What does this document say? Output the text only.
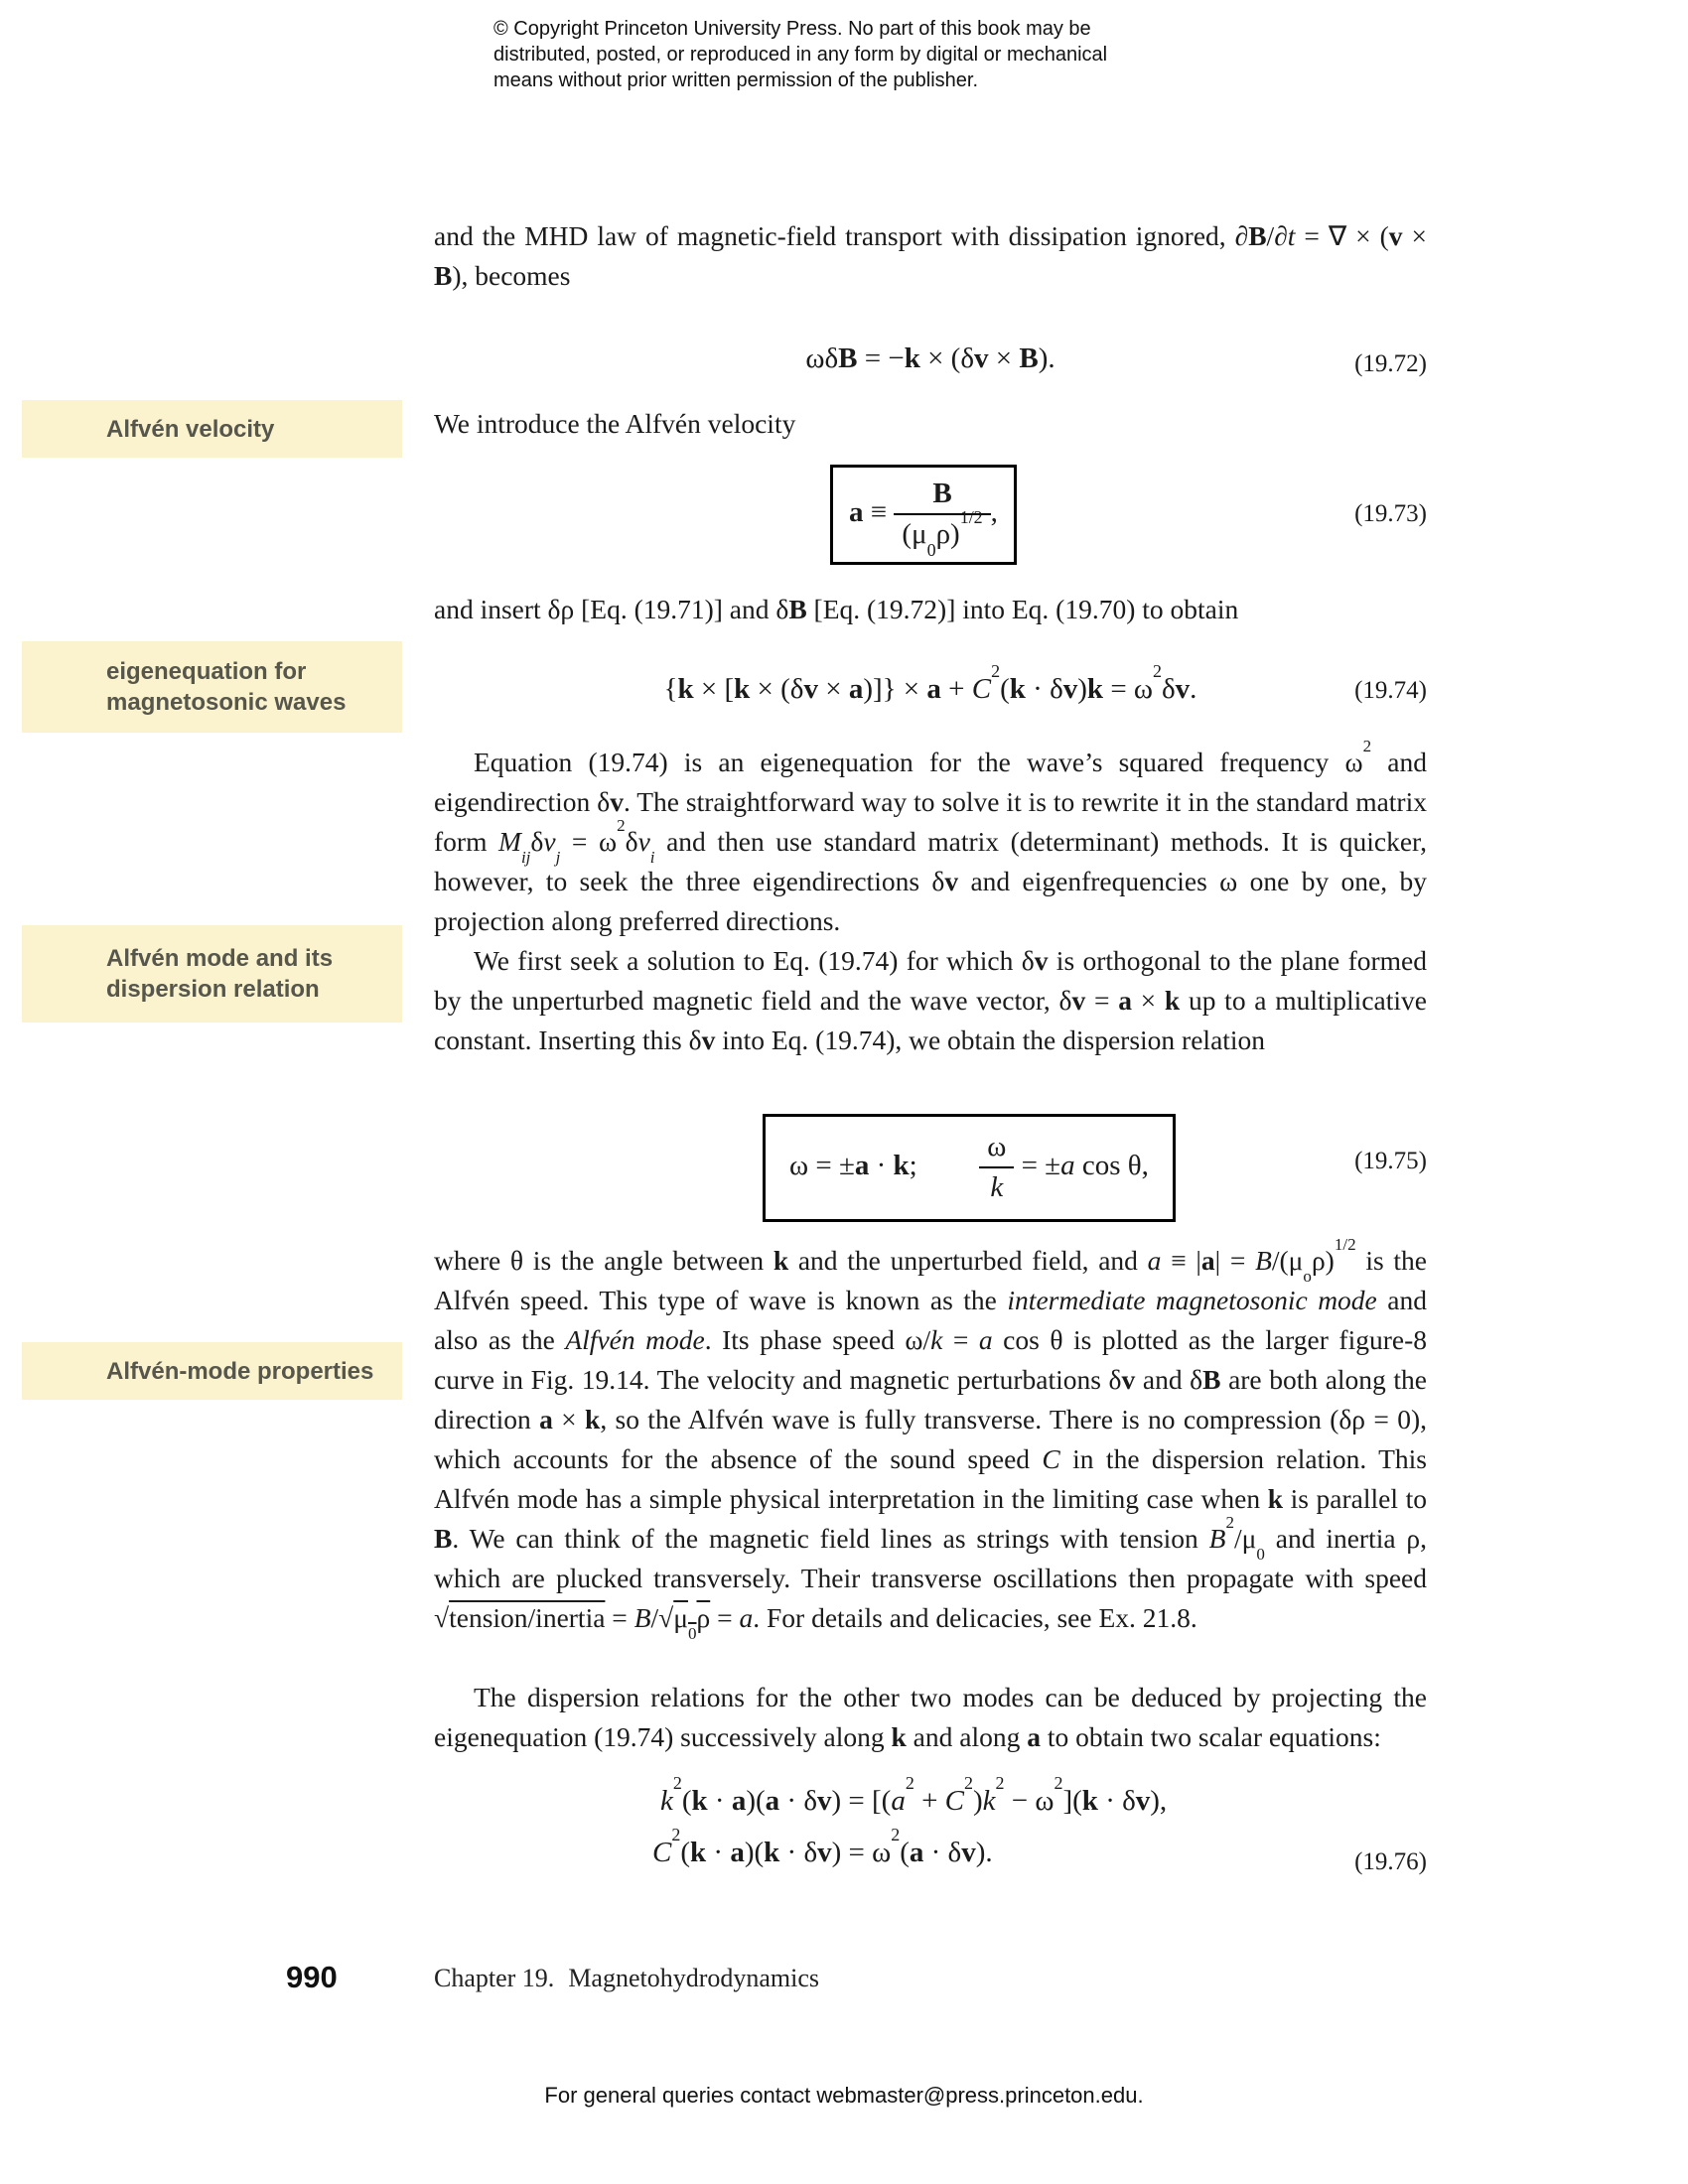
© Copyright Princeton University Press. No part of this book may be
distributed, posted, or reproduced in any form by digital or mechanical
means without prior written permission of the publisher.
Alfvén velocity
eigenequation for
magnetosonic waves
Alfvén mode and its
dispersion relation
Alfvén-mode properties
and the MHD law of magnetic-field transport with dissipation ignored, ∂B/∂t = ∇ × (v × B), becomes
ωδB = −k × (δv × B).	(19.72)
We introduce the Alfvén velocity
$a \equiv \frac{B}{(\mu_0\rho)^{1/2}}$ ,	(19.73)
and insert δρ [Eq. (19.71)] and δB [Eq. (19.72)] into Eq. (19.70) to obtain
$\{k \times [k \times (\delta v \times a)]\} \times a + C^2(k \cdot \delta v)k = \omega^2\delta v$.	(19.74)
Equation (19.74) is an eigenequation for the wave’s squared frequency $\omega^2$ and eigendirection δv. The straightforward way to solve it is to rewrite it in the standard matrix form $M_{ij}\delta v_j = \omega^2\delta v_i$ and then use standard matrix (determinant) methods. It is quicker, however, to seek the three eigendirections δv and eigenfrequencies ω one by one, by projection along preferred directions.
We first seek a solution to Eq. (19.74) for which δv is orthogonal to the plane formed by the unperturbed magnetic field and the wave vector, δv = a × k up to a multiplicative constant. Inserting this δv into Eq. (19.74), we obtain the dispersion relation
ω = ±a · k; $\frac{\omega}{k} = \pm a$ cos θ,	(19.75)
where θ is the angle between k and the unperturbed field, and $a \equiv |a| = B/(\mu_o\rho)^{1/2}$ is the Alfvén speed. This type of wave is known as the intermediate magnetosonic mode and also as the Alfvén mode. Its phase speed ω/k = a cos θ is plotted as the larger figure-8 curve in Fig. 19.14. The velocity and magnetic perturbations δv and δB are both along the direction a × k, so the Alfvén wave is fully transverse. There is no compression (δρ = 0), which accounts for the absence of the sound speed C in the dispersion relation. This Alfvén mode has a simple physical interpretation in the limiting case when k is parallel to B. We can think of the magnetic field lines as strings with tension $B^2/\mu_0$ and inertia ρ, which are plucked transversely. Their transverse oscillations then propagate with speed √tension/inertia = $B/√\mu_0\rho = a$. For details and delicacies, see Ex. 21.8.
The dispersion relations for the other two modes can be deduced by projecting the eigenequation (19.74) successively along k and along a to obtain two scalar equations:
$k^2(k \cdot a)(a \cdot \delta v) = [(a^2 + C^2)k^2 - \omega^2](k \cdot \delta v)$,
$C^2(k \cdot a)(k \cdot \delta v) = \omega^2(a \cdot \delta v)$.	(19.76)
990	Chapter 19. Magnetohydrodynamics
For general queries contact webmaster@press.princeton.edu.
